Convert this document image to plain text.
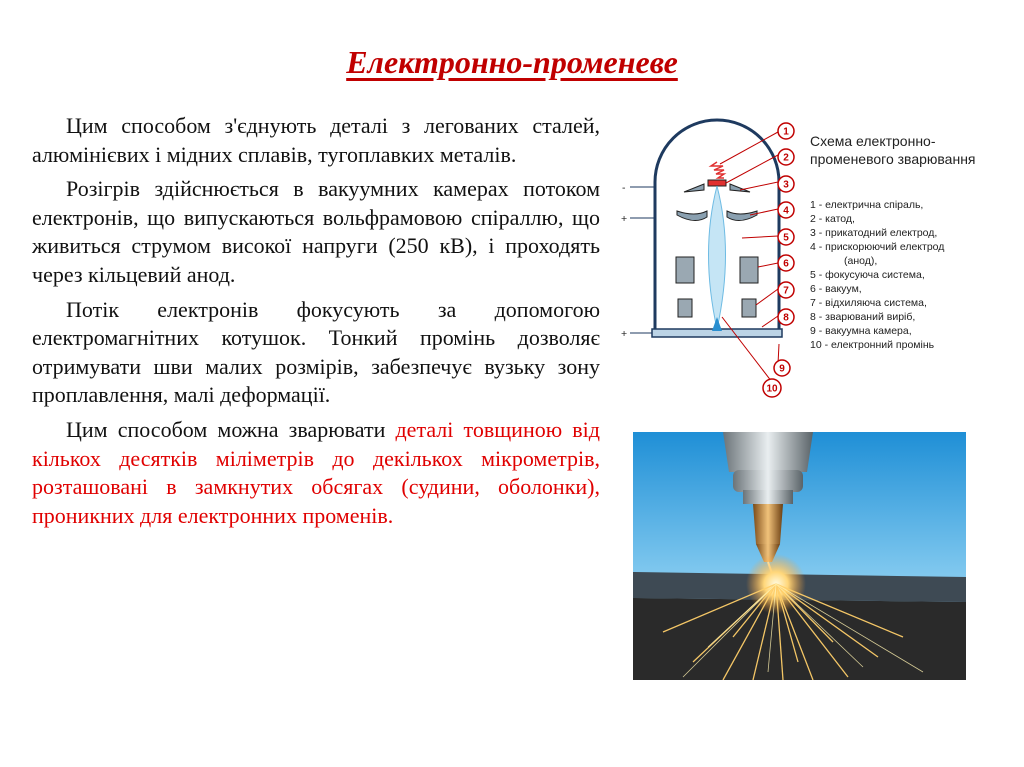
Електронно-променеве

Цим способом з'єднують деталі з легованих сталей, алюмінієвих і мідних сплавів, тугоплавких металів.

Розігрів здійснюється в вакуумних камерах потоком електронів, що випускаються вольфрамовою спіраллю, що живиться струмом високої напруги (250 кВ), і проходять через кільцевий анод.

Потік електронів фокусують за допомогою електромагнітних котушок. Тонкий промінь дозволяє отримувати шви малих розмірів, забезпечує вузьку зону проплавлення, малі деформації.

Цим способом можна зварювати деталі товщиною від кількох десятків міліметрів до декількох мікрометрів, розташовані в замкнутих обсягах (судини, оболонки), проникних для електронних променів.

-
+
+
1
2
3
4
5
6
7
8
9
10
Схема електронно-
променевого зварювання
1 - електрична спіраль,
2 - катод,
3 - прикатодний електрод,
4 - прискорюючий електрод
(анод),
5 - фокусуюча система,
6 - вакуум,
7 - відхиляюча система,
8 - зварюваний виріб,
9 - вакуумна камера,
10 - електронний промінь
